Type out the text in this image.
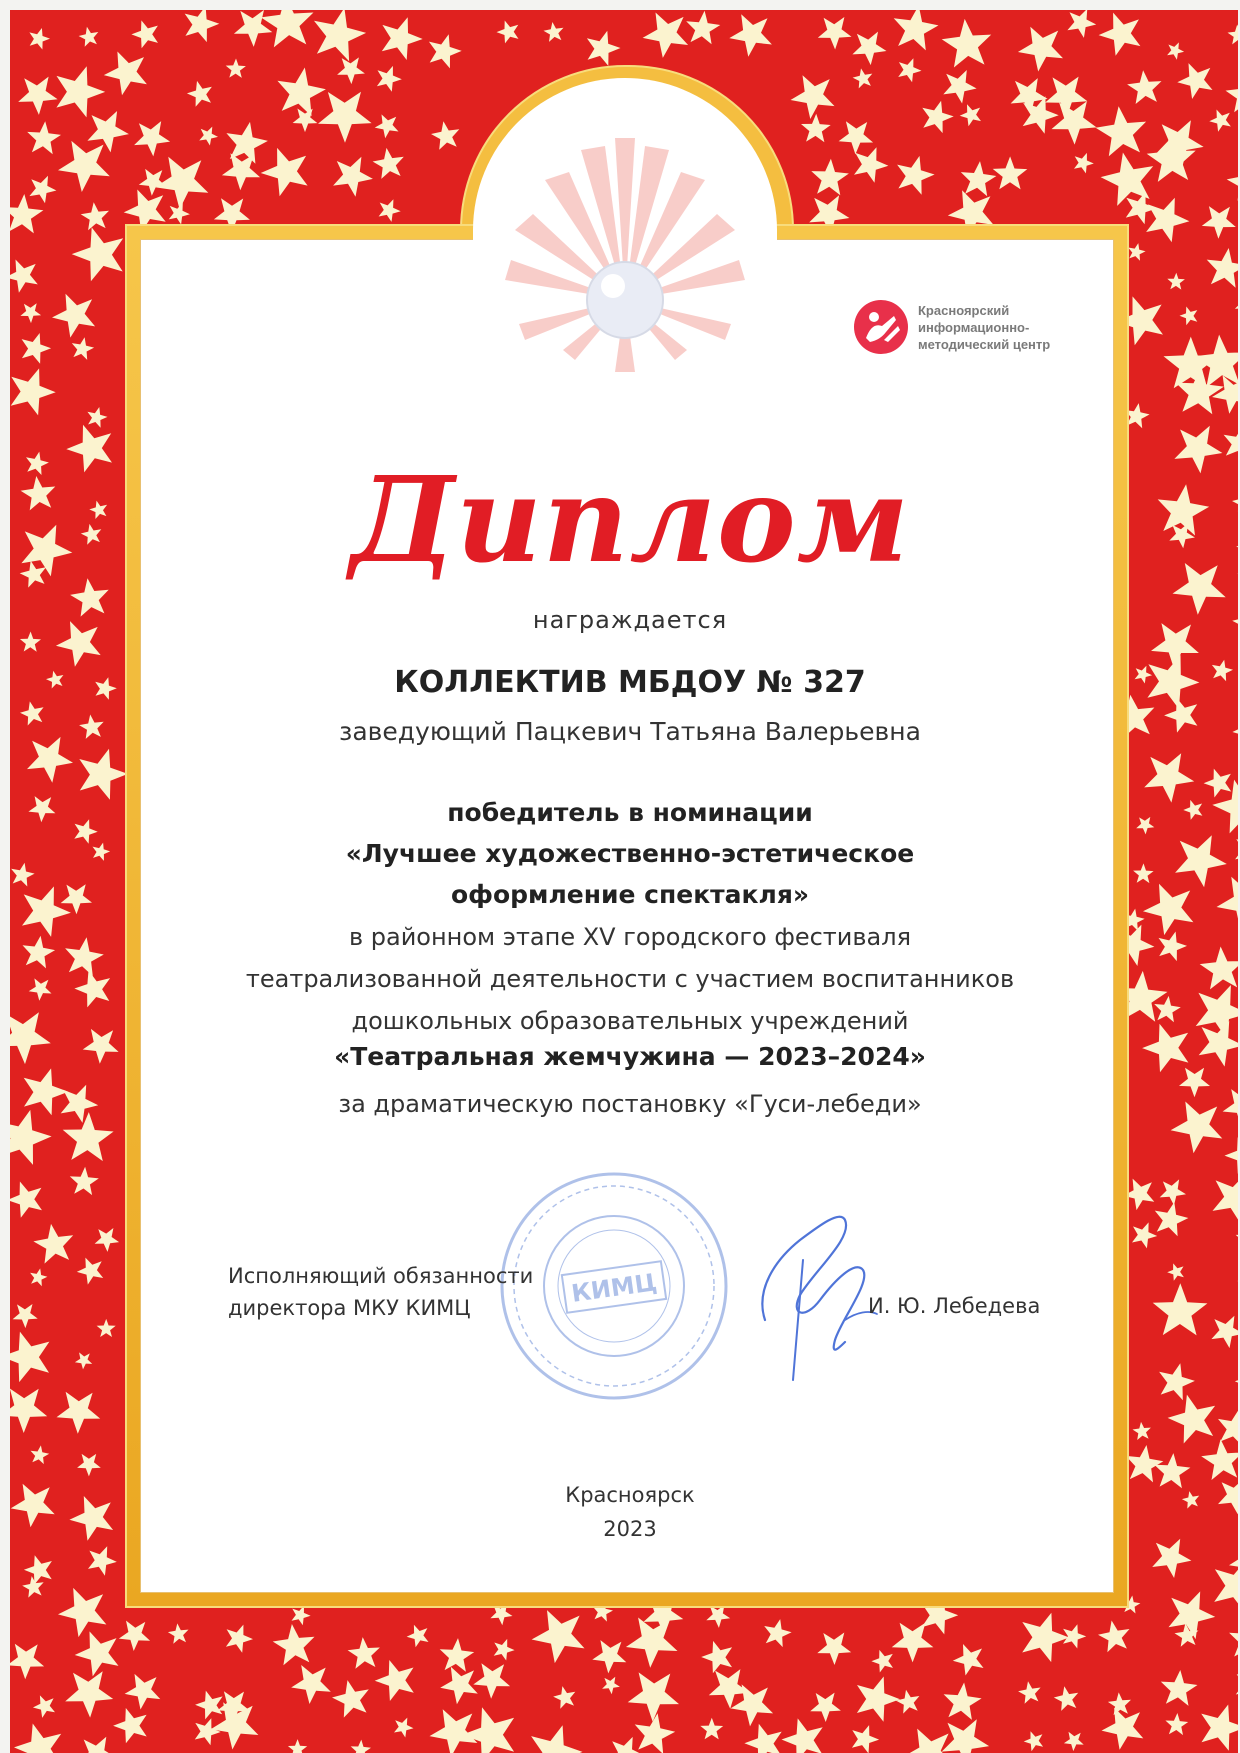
Красноярский
информационно-
методический центр
Диплом
награждается
КОЛЛЕКТИВ МБДОУ № 327
заведующий Пацкевич Татьяна Валерьевна
победитель в номинации
«Лучшее художественно-эстетическое
оформление спектакля»
в районном этапе XV городского фестиваля
театрализованной деятельности с участием воспитанников
дошкольных образовательных учреждений
«Театральная жемчужина — 2023–2024»
за драматическую постановку «Гуси-лебеди»
КИМЦ
Исполняющий обязанности
директора МКУ КИМЦ	И. Ю. Лебедева
Красноярск
2023
